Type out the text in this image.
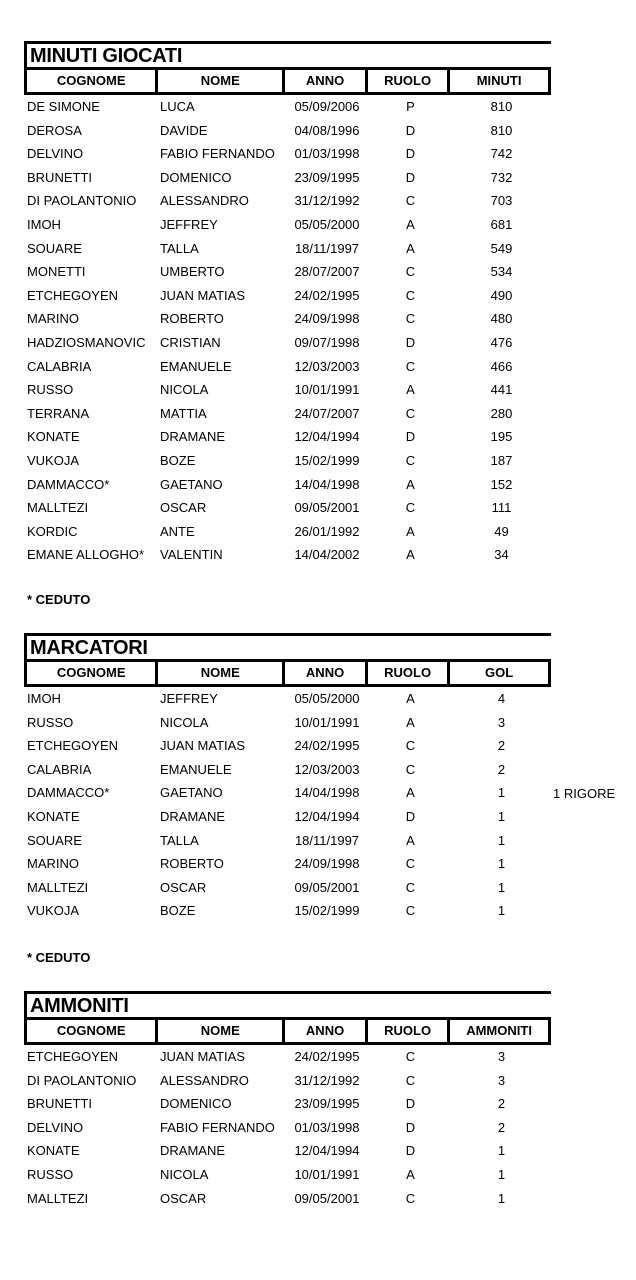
MINUTI GIOCATI
COGNOME	NOME	ANNO	RUOLO	MINUTI
DE SIMONE	LUCA	05/09/2006	P	810
DEROSA	DAVIDE	04/08/1996	D	810
DELVINO	FABIO FERNANDO	01/03/1998	D	742
BRUNETTI	DOMENICO	23/09/1995	D	732
DI PAOLANTONIO	ALESSANDRO	31/12/1992	C	703
IMOH	JEFFREY	05/05/2000	A	681
SOUARE	TALLA	18/11/1997	A	549
MONETTI	UMBERTO	28/07/2007	C	534
ETCHEGOYEN	JUAN MATIAS	24/02/1995	C	490
MARINO	ROBERTO	24/09/1998	C	480
HADZIOSMANOVIC	CRISTIAN	09/07/1998	D	476
CALABRIA	EMANUELE	12/03/2003	C	466
RUSSO	NICOLA	10/01/1991	A	441
TERRANA	MATTIA	24/07/2007	C	280
KONATE	DRAMANE	12/04/1994	D	195
VUKOJA	BOZE	15/02/1999	C	187
DAMMACCO*	GAETANO	14/04/1998	A	152
MALLTEZI	OSCAR	09/05/2001	C	111
KORDIC	ANTE	26/01/1992	A	49
EMANE ALLOGHO*	VALENTIN	14/04/2002	A	34
* CEDUTO
MARCATORI
COGNOME	NOME	ANNO	RUOLO	GOL
IMOH	JEFFREY	05/05/2000	A	4
RUSSO	NICOLA	10/01/1991	A	3
ETCHEGOYEN	JUAN MATIAS	24/02/1995	C	2
CALABRIA	EMANUELE	12/03/2003	C	2
DAMMACCO*	GAETANO	14/04/1998	A	1
KONATE	DRAMANE	12/04/1994	D	1
SOUARE	TALLA	18/11/1997	A	1
MARINO	ROBERTO	24/09/1998	C	1
MALLTEZI	OSCAR	09/05/2001	C	1
VUKOJA	BOZE	15/02/1999	C	1
1 RIGORE
* CEDUTO
AMMONITI
COGNOME	NOME	ANNO	RUOLO	AMMONITI
ETCHEGOYEN	JUAN MATIAS	24/02/1995	C	3
DI PAOLANTONIO	ALESSANDRO	31/12/1992	C	3
BRUNETTI	DOMENICO	23/09/1995	D	2
DELVINO	FABIO FERNANDO	01/03/1998	D	2
KONATE	DRAMANE	12/04/1994	D	1
RUSSO	NICOLA	10/01/1991	A	1
MALLTEZI	OSCAR	09/05/2001	C	1
